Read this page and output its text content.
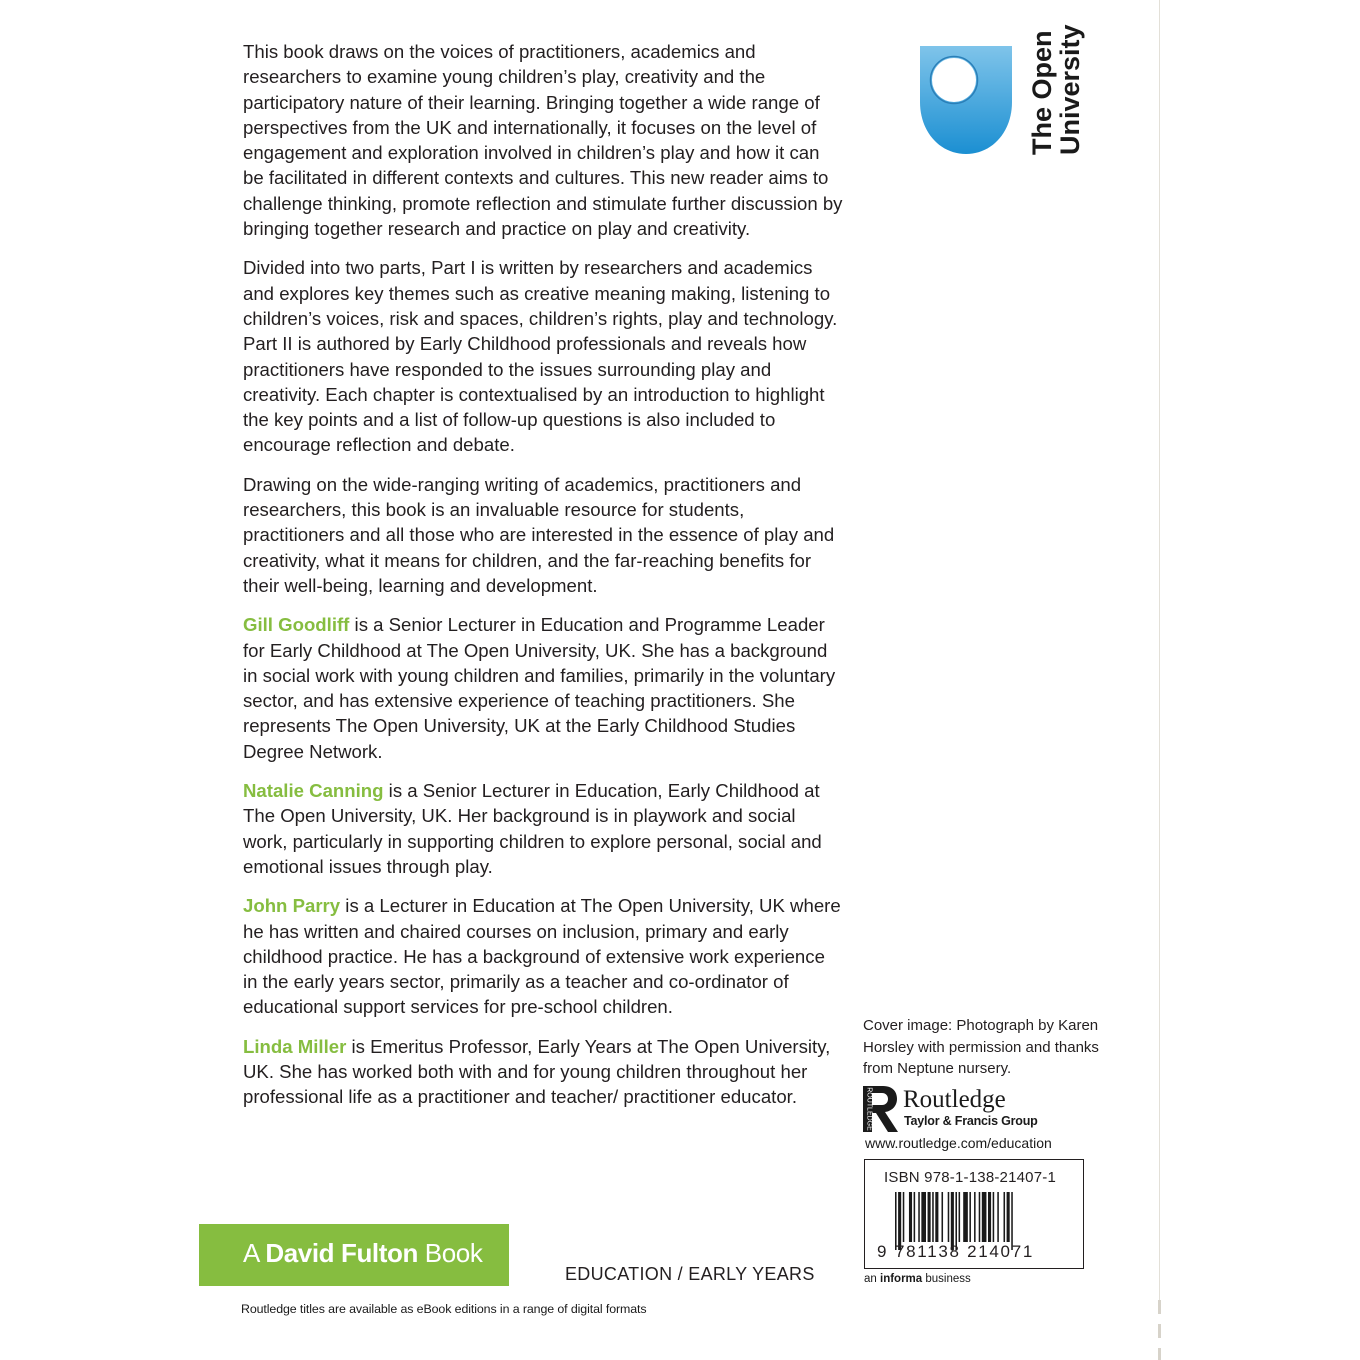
This book draws on the voices of practitioners, academics and researchers to examine young children’s play, creativity and the participatory nature of their learning. Bringing together a wide range of perspectives from the UK and internationally, it focuses on the level of engagement and exploration involved in children’s play and how it can be facilitated in different contexts and cultures. This new reader aims to challenge thinking, promote reflection and stimulate further discussion by bringing together research and practice on play and creativity.

Divided into two parts, Part I is written by researchers and academics and explores key themes such as creative meaning making, listening to children’s voices, risk and spaces, children’s rights, play and technology. Part II is authored by Early Childhood professionals and reveals how practitioners have responded to the issues surrounding play and creativity. Each chapter is contextualised by an introduction to highlight the key points and a list of follow-up questions is also included to encourage reflection and debate.

Drawing on the wide-ranging writing of academics, practitioners and researchers, this book is an invaluable resource for students, practitioners and all those who are interested in the essence of play and creativity, what it means for children, and the far-reaching benefits for their well-being, learning and development.

Gill Goodliff is a Senior Lecturer in Education and Programme Leader for Early Childhood at The Open University, UK. She has a background in social work with young children and families, primarily in the voluntary sector, and has extensive experience of teaching practitioners. She represents The Open University, UK at the Early Childhood Studies Degree Network.

Natalie Canning is a Senior Lecturer in Education, Early Childhood at The Open University, UK. Her background is in playwork and social work, particularly in supporting children to explore personal, social and emotional issues through play.

John Parry is a Lecturer in Education at The Open University, UK where he has written and chaired courses on inclusion, primary and early childhood practice. He has a background of extensive work experience in the early years sector, primarily as a teacher and co-ordinator of educational support services for pre-school children.

Linda Miller is Emeritus Professor, Early Years at The Open University, UK. She has worked both with and for young children throughout her professional life as a practitioner and teacher/ practitioner educator.

The Open
University
Cover image: Photograph by Karen Horsley with permission and thanks from Neptune nursery.
ROUTLEDGE Routledge
Taylor & Francis Group
www.routledge.com/education
ISBN 978-1-138-21407-1
9 781138 214071
an informa business
A David Fulton Book
EDUCATION / EARLY YEARS
Routledge titles are available as eBook editions in a range of digital formats
